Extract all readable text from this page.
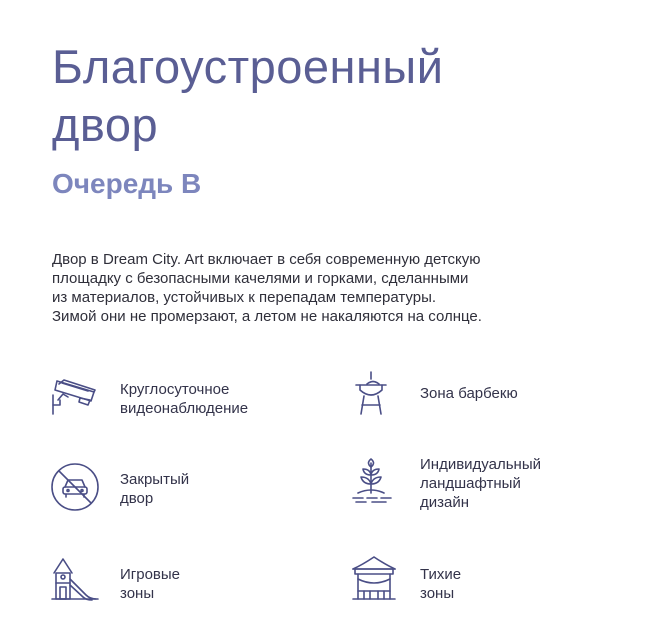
Благоустроенный
двор
Очередь В

Двор в Dream City. Art включает в себя современную детскую
площадку с безопасными качелями и горками, сделанными
из материалов, устойчивых к перепадам температуры.
Зимой они не промерзают, а летом не накаляются на солнце.

Круглосуточное
видеонаблюдение
Зона барбекю
Закрытый
двор
Индивидуальный
ландшафтный
дизайн
Игровые
зоны
Тихие
зоны
